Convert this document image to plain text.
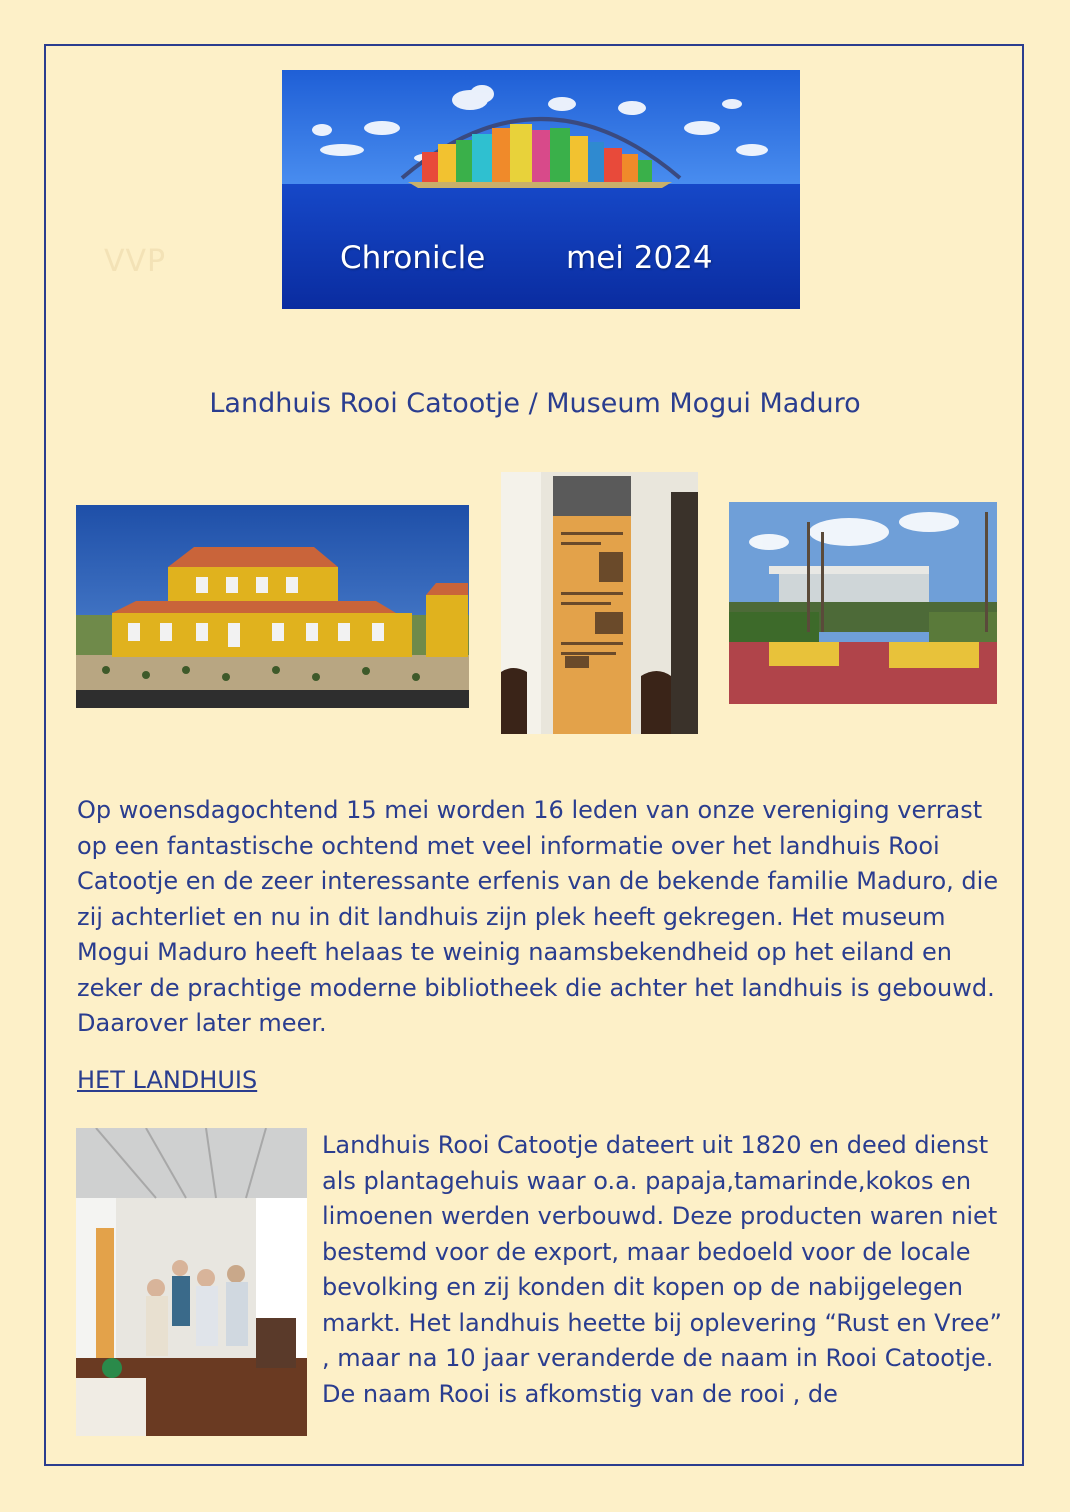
VVP	Chronicle	mei 2024
Landhuis Rooi Catootje / Museum Mogui Maduro
Op woensdagochtend 15 mei worden 16 leden van onze vereniging verrast op een fantastische ochtend met veel informatie over het landhuis Rooi Catootje en de zeer interessante erfenis van de bekende familie Maduro, die zij achterliet en nu in dit landhuis zijn plek heeft gekregen. Het museum Mogui Maduro heeft helaas te weinig naamsbekendheid op het eiland en zeker de prachtige moderne bibliotheek die achter het landhuis is gebouwd. Daarover later meer.
HET LANDHUIS
Landhuis Rooi Catootje dateert uit 1820 en deed dienst als plantagehuis waar o.a. papaja,tamarinde,kokos en limoenen werden verbouwd. Deze producten waren niet bestemd voor de export, maar bedoeld voor de locale bevolking en zij konden dit kopen op de nabijgelegen markt. Het landhuis heette bij oplevering “Rust en Vree” , maar na 10 jaar veranderde de naam in Rooi Catootje. De naam Rooi is afkomstig van de rooi , de
